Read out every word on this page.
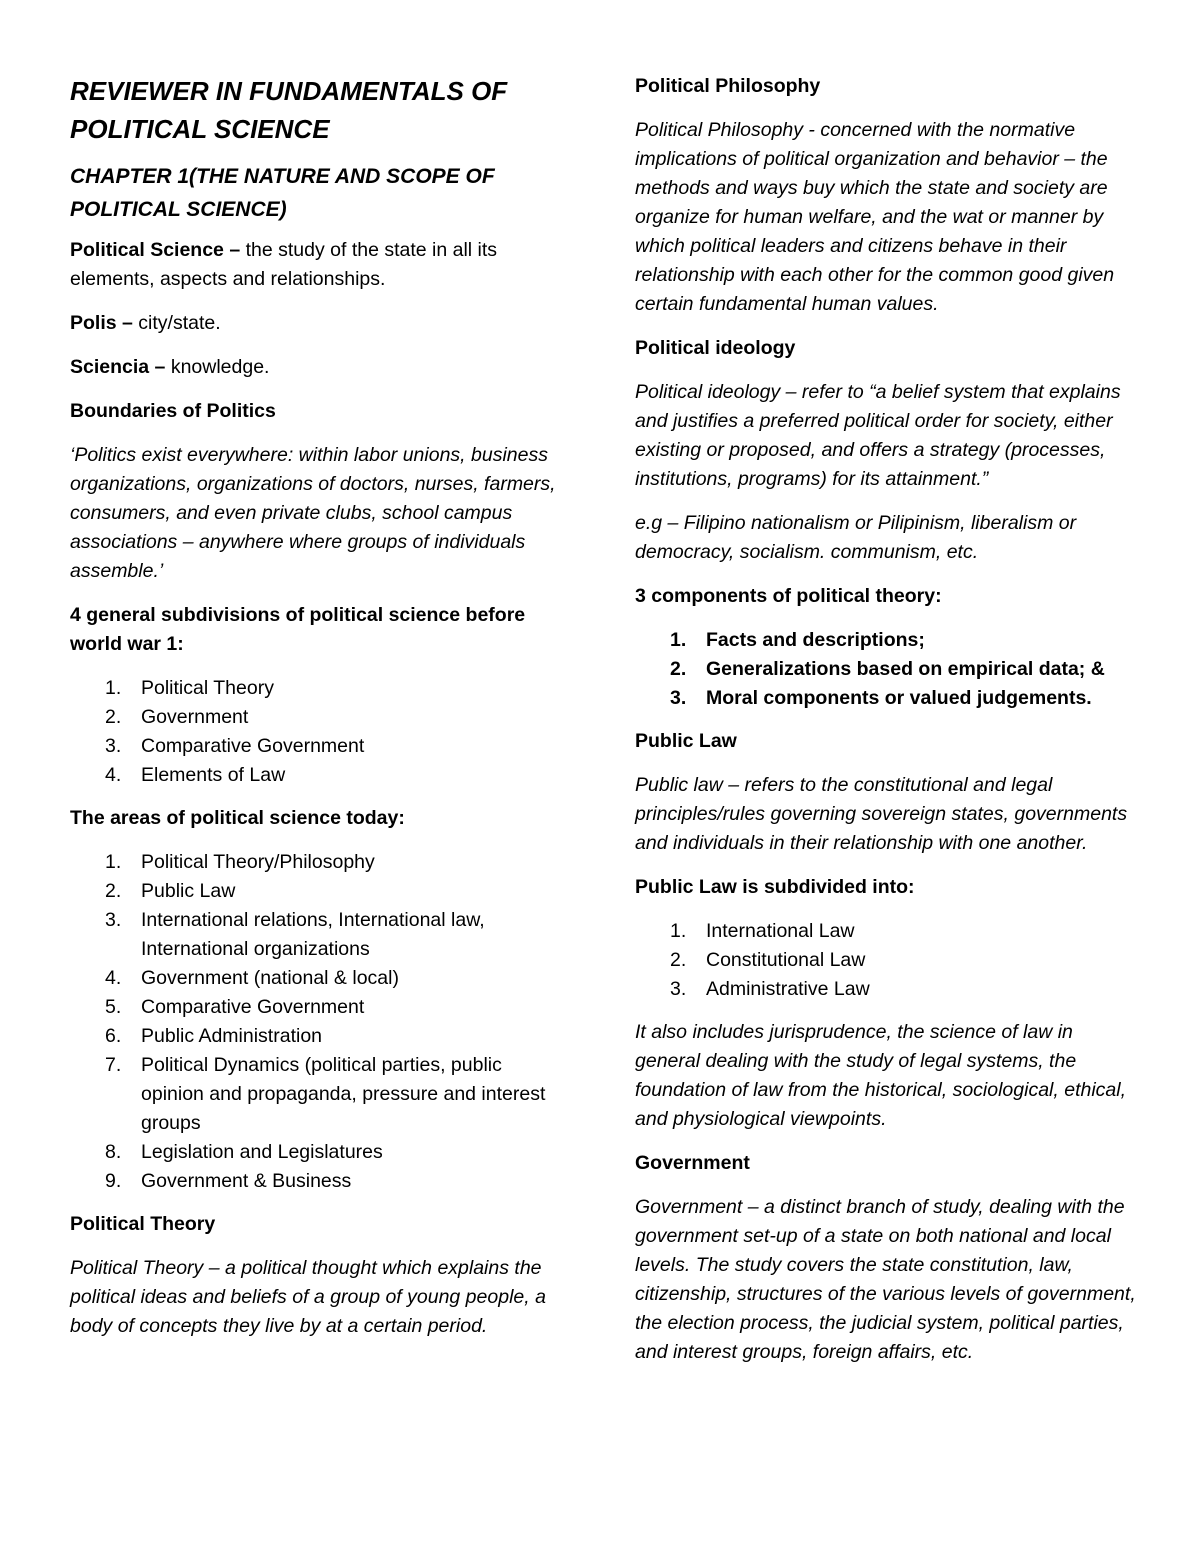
REVIEWER IN FUNDAMENTALS OF POLITICAL SCIENCE

CHAPTER 1(THE NATURE AND SCOPE OF POLITICAL SCIENCE)

Political Science – the study of the state in all its elements, aspects and relationships.

Polis – city/state.

Sciencia – knowledge.

Boundaries of Politics

‘Politics exist everywhere: within labor unions, business organizations, organizations of doctors, nurses, farmers, consumers, and even private clubs, school campus associations – anywhere where groups of individuals assemble.’

4 general subdivisions of political science before world war 1:

1. Political Theory
2. Government
3. Comparative Government
4. Elements of Law

The areas of political science today:

1. Political Theory/Philosophy
2. Public Law
3. International relations, International law, International organizations
4. Government (national & local)
5. Comparative Government
6. Public Administration
7. Political Dynamics (political parties, public opinion and propaganda, pressure and interest groups
8. Legislation and Legislatures
9. Government & Business

Political Theory

Political Theory – a political thought which explains the political ideas and beliefs of a group of young people, a body of concepts they live by at a certain period.

Political Philosophy

Political Philosophy - concerned with the normative implications of political organization and behavior – the methods and ways buy which the state and society are organize for human welfare, and the wat or manner by which political leaders and citizens behave in their relationship with each other for the common good given certain fundamental human values.

Political ideology

Political ideology – refer to “a belief system that explains and justifies a preferred political order for society, either existing or proposed, and offers a strategy (processes, institutions, programs) for its attainment.”

e.g – Filipino nationalism or Pilipinism, liberalism or democracy, socialism. communism, etc.

3 components of political theory:

1. Facts and descriptions;
2. Generalizations based on empirical data; &
3. Moral components or valued judgements.

Public Law

Public law – refers to the constitutional and legal principles/rules governing sovereign states, governments and individuals in their relationship with one another.

Public Law is subdivided into:

1. International Law
2. Constitutional Law
3. Administrative Law

It also includes jurisprudence, the science of law in general dealing with the study of legal systems, the foundation of law from the historical, sociological, ethical, and physiological viewpoints.

Government

Government – a distinct branch of study, dealing with the government set-up of a state on both national and local levels. The study covers the state constitution, law, citizenship, structures of the various levels of government, the election process, the judicial system, political parties, and interest groups, foreign affairs, etc.
